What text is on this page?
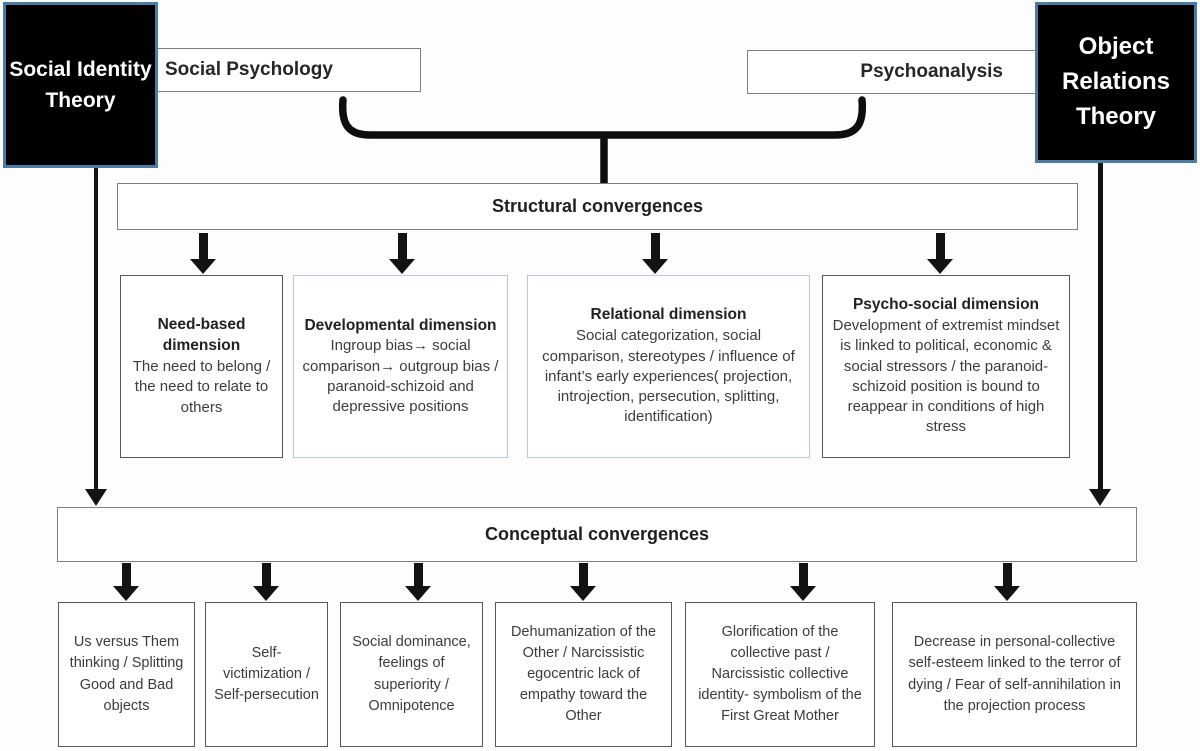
Social Identity Theory
Social Psychology	Psychoanalysis
Object Relations Theory
Structural convergences
Need-based dimension
The need to belong / the need to relate to others
Developmental dimension
Ingroup bias→ social comparison→ outgroup bias / paranoid-schizoid and depressive positions
Relational dimension
Social categorization, social comparison, stereotypes / influence of infant’s early experiences( projection, introjection, persecution, splitting, identification)
Psycho-social dimension
Development of extremist mindset is linked to political, economic & social stressors / the paranoid-schizoid position is bound to reappear in conditions of high stress
Conceptual convergences
Us versus Them thinking / Splitting Good and Bad objects
Self-victimization / Self-persecution
Social dominance, feelings of superiority / Omnipotence
Dehumanization of the Other / Narcissistic egocentric lack of empathy toward the Other
Glorification of the collective past / Narcissistic collective identity- symbolism of the First Great Mother
Decrease in personal-collective self-esteem linked to the terror of dying / Fear of self-annihilation in the projection process
